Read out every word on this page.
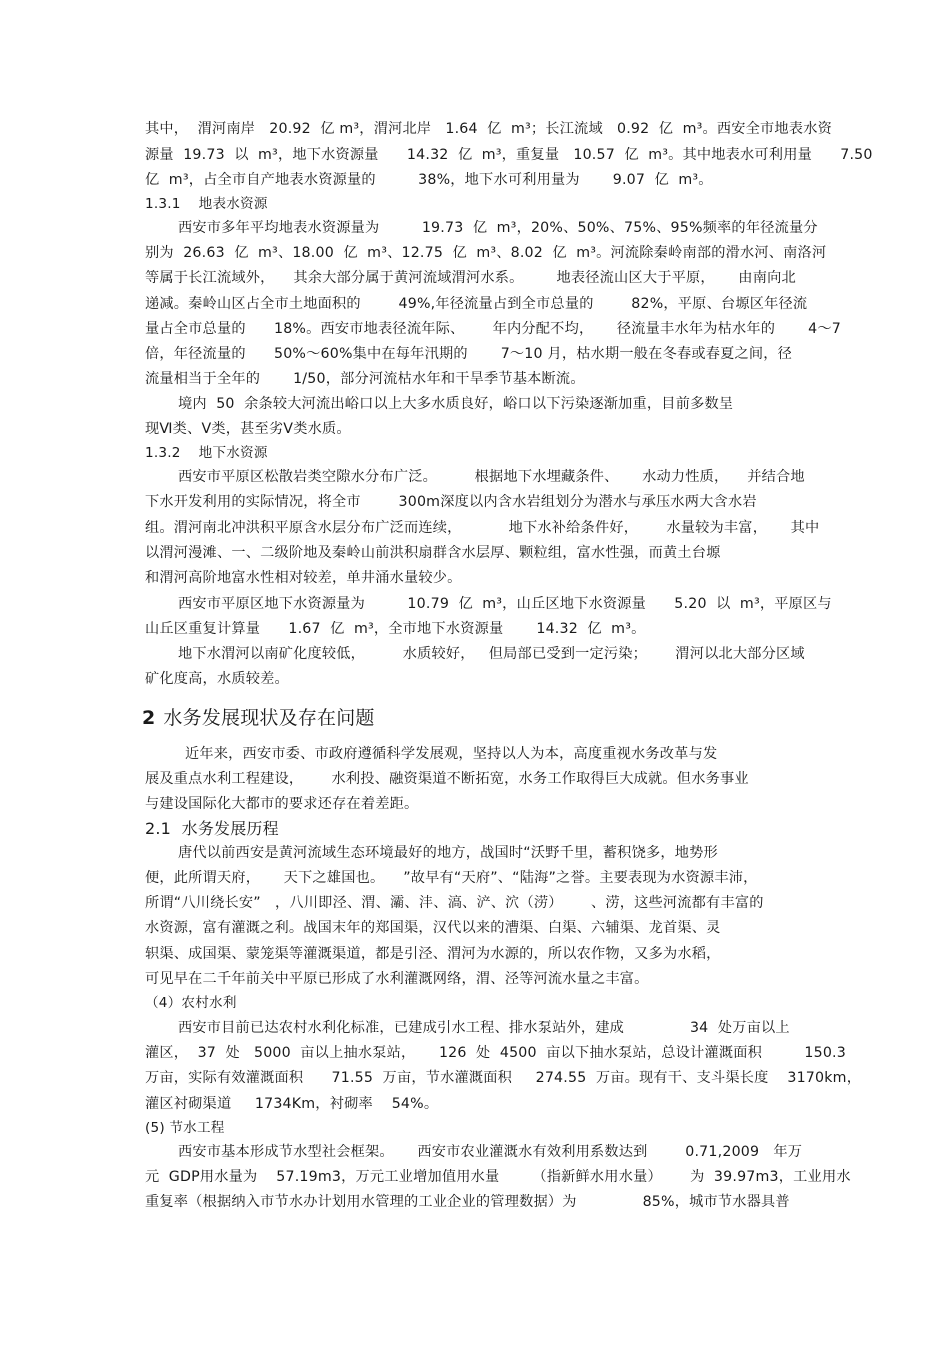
其中，  渭河南岸   20.92  亿 m³，渭河北岸   1.64  亿  m³；长江流域   0.92  亿  m³。西安全市地表水资
源量  19.73  以  m³，地下水资源量      14.32  亿  m³，重复量   10.57  亿  m³。其中地表水可利用量      7.50
亿  m³，占全市自产地表水资源量的         38%，地下水可利用量为       9.07  亿  m³。
1.3.1    地表水资源
西安市多年平均地表水资源量为         19.73  亿  m³，20%、50%、75%、95%频率的年径流量分
别为  26.63  亿  m³、18.00  亿  m³、12.75  亿  m³、8.02  亿  m³。河流除秦岭南部的滑水河、南洛河
等属于长江流域外，    其余大部分属于黄河流域渭河水系。       地表径流山区大于平原，     由南向北
递减。秦岭山区占全市土地面积的        49%,年径流量占到全市总量的        82%，平原、台塬区年径流
量占全市总量的      18%。西安市地表径流年际、      年内分配不均，     径流量丰水年为枯水年的       4～7
倍，年径流量的      50%～60%集中在每年汛期的       7～10 月，枯水期一般在冬春或春夏之间，径
流量相当于全年的       1/50，部分河流枯水年和干旱季节基本断流。
境内  50  余条较大河流出峪口以上大多水质良好，峪口以下污染逐渐加重，目前多数呈
现Ⅵ类、Ⅴ类，甚至劣Ⅴ类水质。
1.3.2    地下水资源
西安市平原区松散岩类空隙水分布广泛。        根据地下水埋藏条件、     水动力性质，    并结合地
下水开发利用的实际情况，将全市        300m深度以内含水岩组划分为潜水与承压水两大含水岩
组。渭河南北冲洪积平原含水层分布广泛而连续，          地下水补给条件好，      水量较为丰富，     其中
以渭河漫滩、一、二级阶地及秦岭山前洪积扇群含水层厚、颗粒组，富水性强，而黄土台塬
和渭河高阶地富水性相对较差，单井涌水量较少。
西安市平原区地下水资源量为         10.79  亿  m³，山丘区地下水资源量      5.20  以  m³，平原区与
山丘区重复计算量      1.67  亿  m³，全市地下水资源量       14.32  亿  m³。
地下水渭河以南矿化度较低，        水质较好，   但局部已受到一定污染；      渭河以北大部分区域
矿化度高，水质较差。
2 水务发展现状及存在问题
近年来，西安市委、市政府遵循科学发展观，坚持以人为本，高度重视水务改革与发
展及重点水利工程建设，      水利投、融资渠道不断拓宽，水务工作取得巨大成就。但水务事业
与建设国际化大都市的要求还存在着差距。
2.1  水务发展历程
唐代以前西安是黄河流域生态环境最好的地方，战国时“沃野千里，蓄积饶多，地势形
便，此所谓天府，     天下之雄国也。    ”故早有“天府”、“陆海”之誉。主要表现为水资源丰沛，
所谓“八川绕长安”   ，八川即泾、渭、灞、沣、滈、浐、泬（涝）      、涝，这些河流都有丰富的
水资源，富有灌溉之利。战国末年的郑国渠，汉代以来的漕渠、白渠、六辅渠、龙首渠、灵
轵渠、成国渠、蒙笼渠等灌溉渠道，都是引泾、渭河为水源的，所以农作物，又多为水稻，
可见早在二千年前关中平原已形成了水利灌溉网络，渭、泾等河流水量之丰富。
（4）农村水利
西安市目前已达农村水利化标准，已建成引水工程、排水泵站外，建成              34  处万亩以上
灌区，  37  处   5000  亩以上抽水泵站，     126  处  4500  亩以下抽水泵站，总设计灌溉面积         150.3
万亩，实际有效灌溉面积      71.55  万亩，节水灌溉面积     274.55  万亩。现有干、支斗渠长度    3170km，
灌区衬砌渠道     1734Km，衬砌率    54%。
(5) 节水工程
西安市基本形成节水型社会框架。     西安市农业灌溉水有效利用系数达到        0.71,2009   年万
元  GDP用水量为    57.19m3，万元工业增加值用水量       （指新鲜水用水量）      为  39.97m3，工业用水
重复率（根据纳入市节水办计划用水管理的工业企业的管理数据）为              85%，城市节水器具普
